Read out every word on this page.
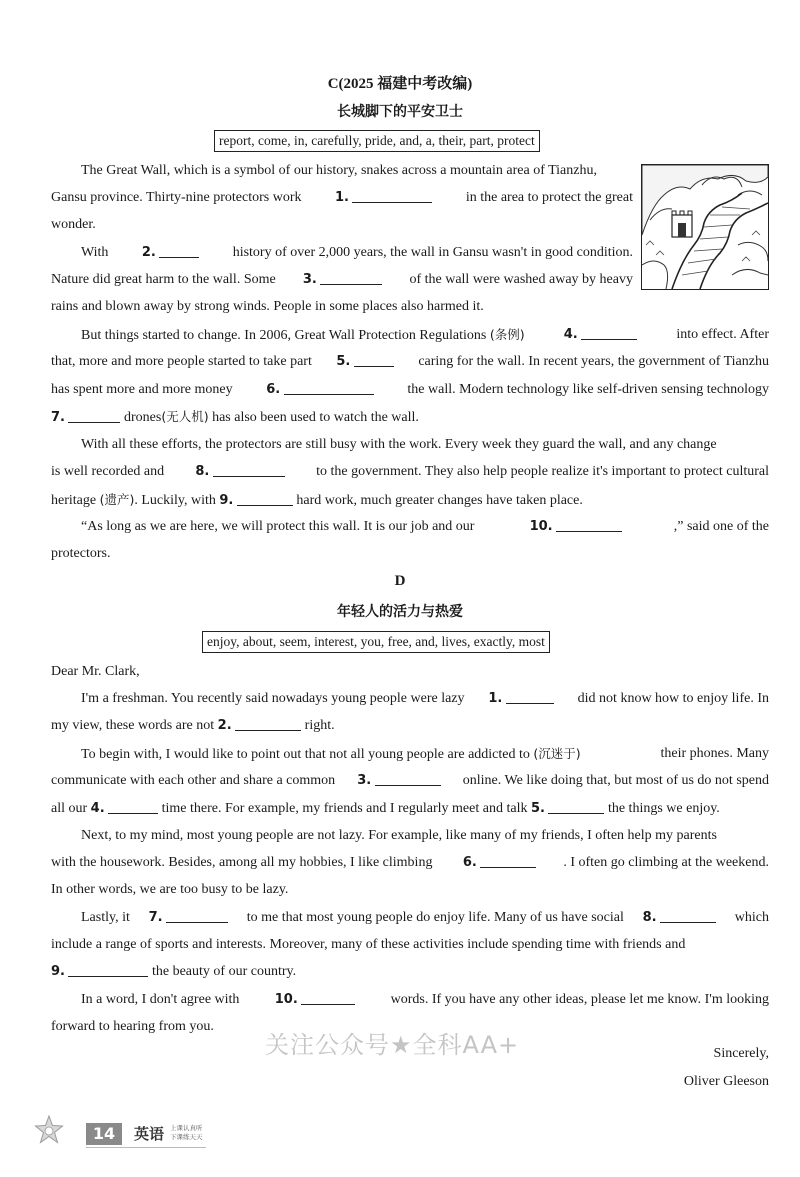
C(2025 福建中考改编)
长城脚下的平安卫士
report, come, in, carefully, pride, and, a, their, part, protect
The Great Wall, which is a symbol of our history, snakes across a mountain area of Tianzhu,
Gansu province. Thirty-nine protectors work 1.	in the area to protect the great
wonder.
With 2.	history of over 2,000 years, the wall in Gansu wasn't in good condition.
Nature did great harm to the wall. Some 3.	of the wall were washed away by heavy
rains and blown away by strong winds. People in some places also harmed it.
But things started to change. In 2006, Great Wall Protection Regulations (条例)	4.	into effect. After
that, more and more people started to take part 5.	caring for the wall. In recent years, the government of Tianzhu
has spent more and more money 6.	the wall. Modern technology like self-driven sensing technology
7.	drones(无人机) has also been used to watch the wall.
With all these efforts, the protectors are still busy with the work. Every week they guard the wall, and any change
is well recorded and 8.	to the government. They also help people realize it's important to protect cultural
heritage (遗产). Luckily, with 9.	hard work, much greater changes have taken place.
“As long as we are here, we will protect this wall. It is our job and our	10.	,” said one of the
protectors.
D
年轻人的活力与热爱
enjoy, about, seem, interest, you, free, and, lives, exactly, most
Dear Mr. Clark,
I'm a freshman. You recently said nowadays young people were lazy 1.	did not know how to enjoy life. In
my view, these words are not 2.	right.
To begin with, I would like to point out that not all young people are addicted to (沉迷于)	their phones. Many
communicate with each other and share a common 3.	online. We like doing that, but most of us do not spend
all our 4.	time there. For example, my friends and I regularly meet and talk 5.	the things we enjoy.
Next, to my mind, most young people are not lazy. For example, like many of my friends, I often help my parents
with the housework. Besides, among all my hobbies, I like climbing 6.	. I often go climbing at the weekend.
In other words, we are too busy to be lazy.
Lastly, it 7.	to me that most young people do enjoy life. Many of us have social 8.	which
include a range of sports and interests. Moreover, many of these activities include spending time with friends and
9.	the beauty of our country.
In a word, I don't agree with 10.	words. If you have any other ideas, please let me know. I'm looking
forward to hearing from you.
Sincerely,
Oliver Gleeson
关注公众号★全科AA+
14	英语 上课认真听
下课练天天
